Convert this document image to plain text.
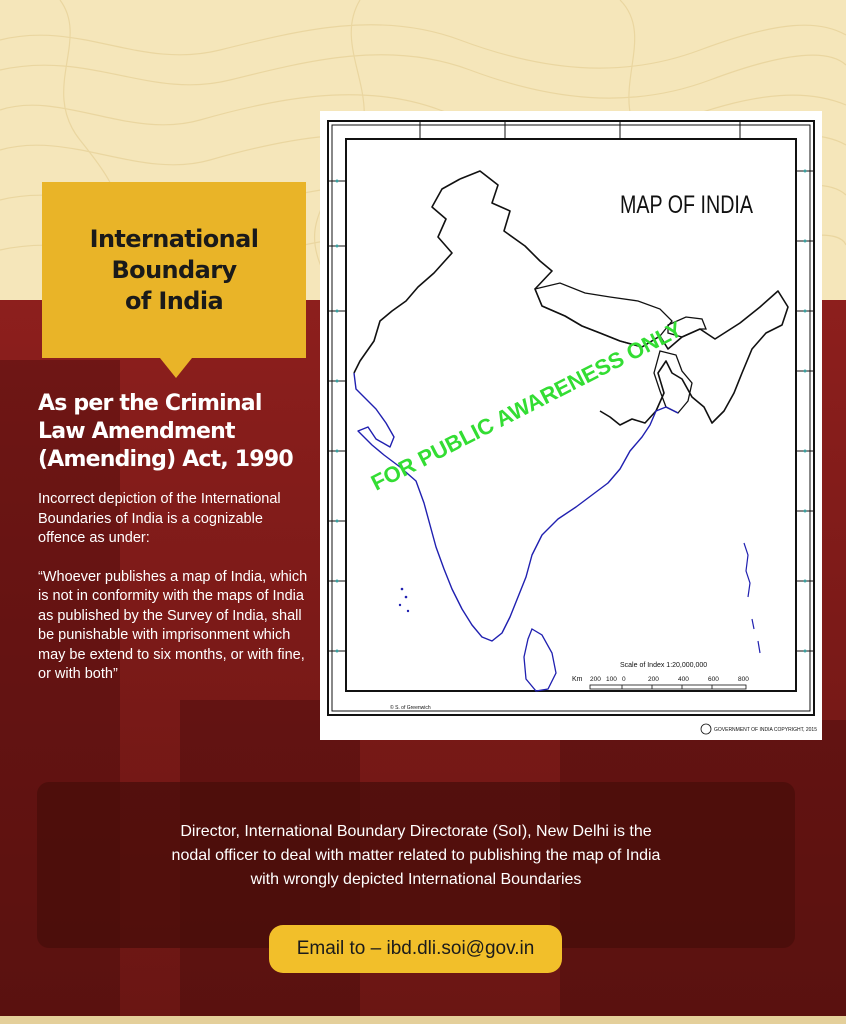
International
Boundary
of India
As per the Criminal
Law Amendment
(Amending) Act, 1990

Incorrect depiction of the International Boundaries of India is a cognizable offence as under:

“Whoever publishes a map of India, which is not in conformity with the maps of India as published by the Survey of India, shall be punishable with imprisonment which may be extend to six months, or with fine, or with both”

MAP OF INDIA
FOR PUBLIC AWARENESS ONLY
Scale of Index 1:20,000,000
Km 200 100 0	200	400	600	800
© S. of Greenwich
GOVERNMENT OF INDIA COPYRIGHT, 2015
Director, International Boundary Directorate (SoI), New Delhi is the
nodal officer to deal with matter related to publishing the map of India
with wrongly depicted International Boundaries
Email to – ibd.dli.soi@gov.in
